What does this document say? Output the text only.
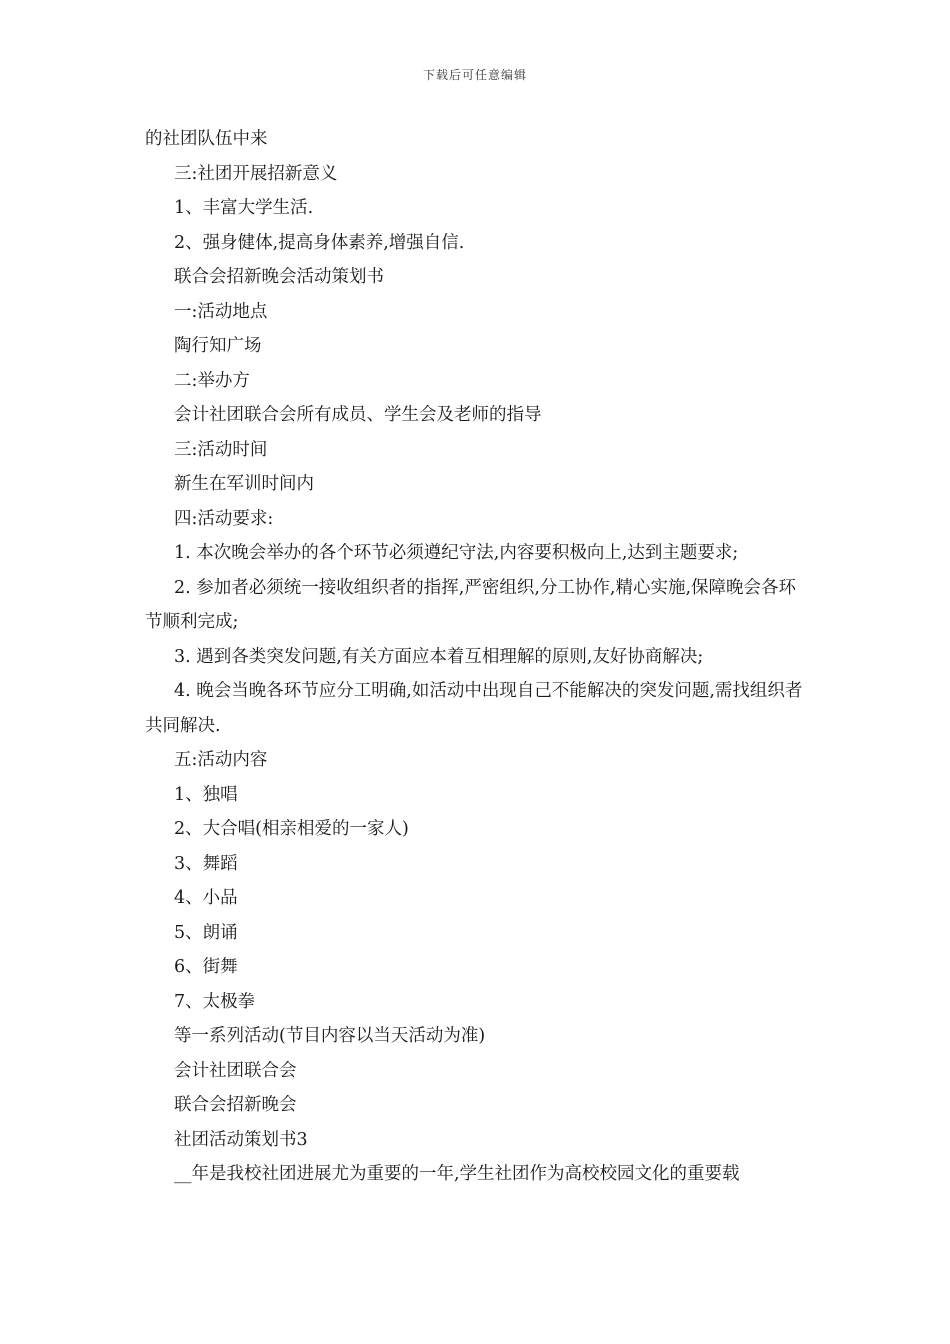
下载后可任意编辑

的社团队伍中来

三:社团开展招新意义

1、丰富大学生活.

2、强身健体,提高身体素养,增强自信.

联合会招新晚会活动策划书

一:活动地点

陶行知广场

二:举办方

会计社团联合会所有成员、学生会及老师的指导

三:活动时间

新生在军训时间内

四:活动要求:

1. 本次晚会举办的各个环节必须遵纪守法,内容要积极向上,达到主题要求;

2. 参加者必须统一接收组织者的指挥,严密组织,分工协作,精心实施,保障晚会各环节顺利完成;

3. 遇到各类突发问题,有关方面应本着互相理解的原则,友好协商解决;

4. 晚会当晚各环节应分工明确,如活动中出现自己不能解决的突发问题,需找组织者共同解决.

五:活动内容

1、独唱

2、大合唱(相亲相爱的一家人)

3、舞蹈

4、小品

5、朗诵

6、街舞

7、太极拳

等一系列活动(节目内容以当天活动为准)

会计社团联合会

联合会招新晚会

社团活动策划书3

__年是我校社团进展尤为重要的一年,学生社团作为高校校园文化的重要载
